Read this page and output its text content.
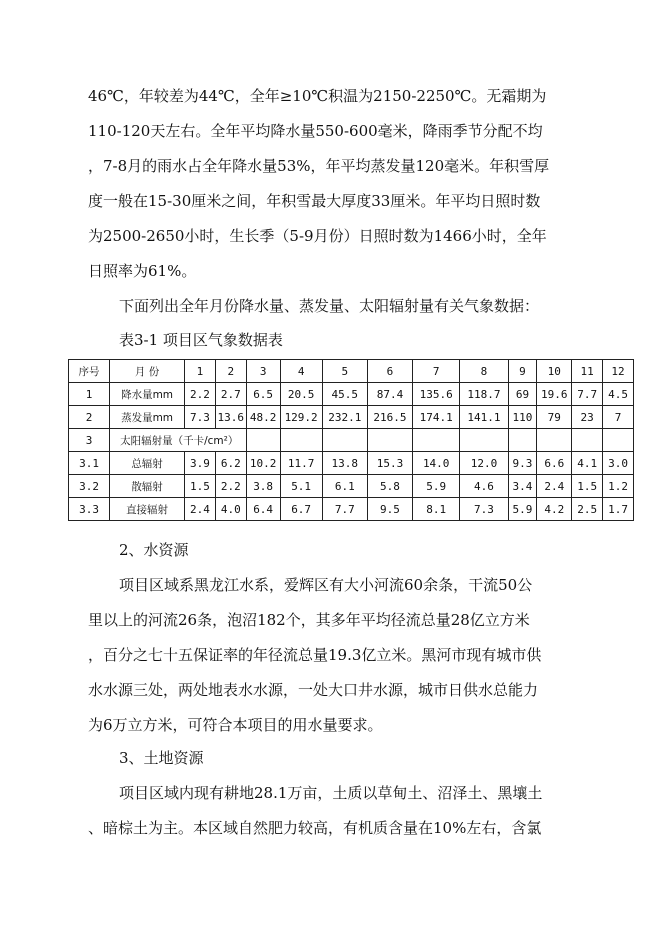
46℃，年较差为44℃，全年≥10℃积温为2150-2250℃。无霜期为
110-120天左右。全年平均降水量550-600毫米，降雨季节分配不均
，7-8月的雨水占全年降水量53%，年平均蒸发量120毫米。年积雪厚
度一般在15-30厘米之间，年积雪最大厚度33厘米。年平均日照时数
为2500-2650小时，生长季（5-9月份）日照时数为1466小时，全年
日照率为61%。
下面列出全年月份降水量、蒸发量、太阳辐射量有关气象数据：
表3-1 项目区气象数据表
序号	月 份	1	2	3	4	5	6	7	8	9	10	11	12
1	降水量mm	2.2	2.7	6.5	20.5	45.5	87.4	135.6	118.7	69	19.6	7.7	4.5
2	蒸发量mm	7.3	13.6	48.2	129.2	232.1	216.5	174.1	141.1	110	79	23	7
3	太阳辐射量（千卡/cm²）												
3.1	总辐射	3.9	6.2	10.2	11.7	13.8	15.3	14.0	12.0	9.3	6.6	4.1	3.0
3.2	散辐射	1.5	2.2	3.8	5.1	6.1	5.8	5.9	4.6	3.4	2.4	1.5	1.2
3.3	直接辐射	2.4	4.0	6.4	6.7	7.7	9.5	8.1	7.3	5.9	4.2	2.5	1.7
2、水资源
项目区域系黑龙江水系，爱辉区有大小河流60余条，干流50公
里以上的河流26条，泡沼182个，其多年平均径流总量28亿立方米
，百分之七十五保证率的年径流总量19.3亿立米。黑河市现有城市供
水水源三处，两处地表水水源，一处大口井水源，城市日供水总能力
为6万立方米，可符合本项目的用水量要求。
3、土地资源
项目区域内现有耕地28.1万亩，土质以草甸土、沼泽土、黑壤土
、暗棕土为主。本区域自然肥力较高，有机质含量在10%左右，含氯
